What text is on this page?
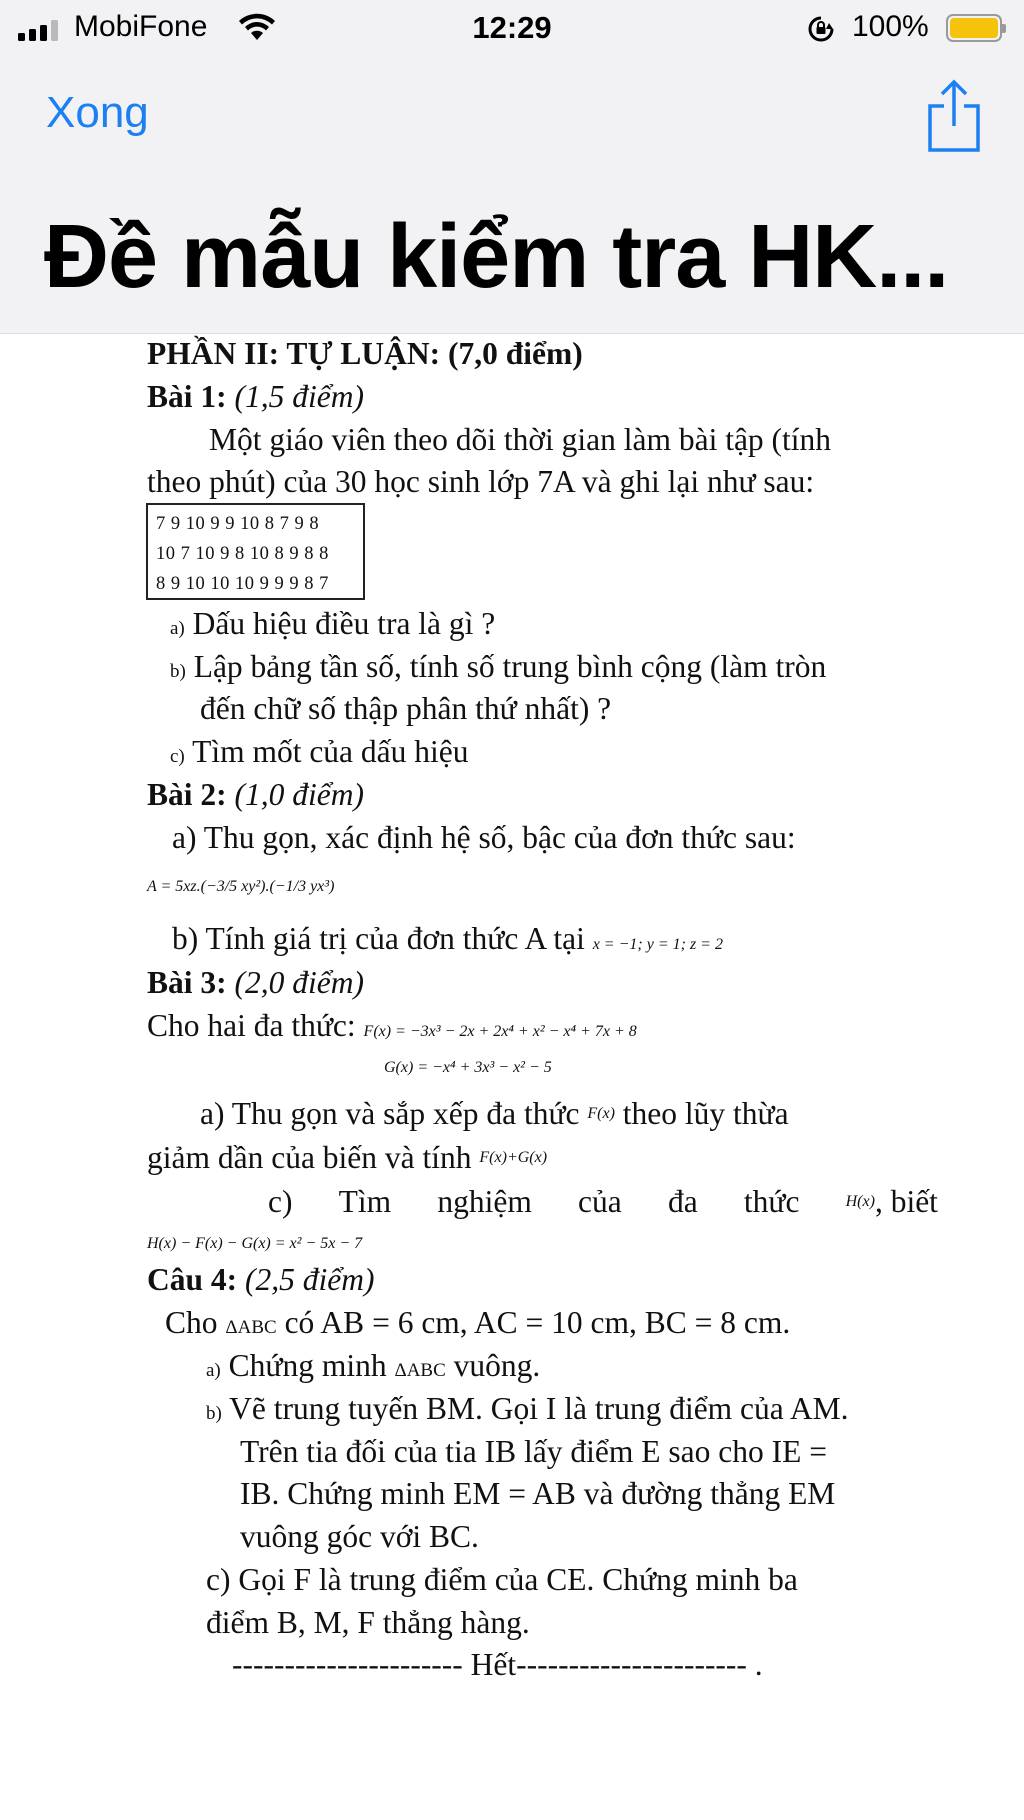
MobiFone	12:29	100%
Xong
Đề mẫu kiểm tra HK...
PHẦN II: TỰ LUẬN: (7,0 điểm)
Bài 1: (1,5 điểm)
Một giáo viên theo dõi thời gian làm bài tập (tính
theo phút) của 30 học sinh lớp 7A và ghi lại như sau:
7 9 10 9 9 10 8 7 9 8
10 7 10 9 8 10 8 9 8 8
8 9 10 10 10 9 9 9 8 7
a) Dấu hiệu điều tra là gì ?
b) Lập bảng tần số, tính số trung bình cộng (làm tròn
đến chữ số thập phân thứ nhất) ?
c) Tìm mốt của dấu hiệu
Bài 2: (1,0 điểm)
a) Thu gọn, xác định hệ số, bậc của đơn thức sau:
A = 5xz.(−3/5 xy²).(−1/3 yx³)
b) Tính giá trị của đơn thức A tại x = −1; y = 1; z = 2
Bài 3: (2,0 điểm)
Cho hai đa thức: F(x) = −3x³ − 2x + 2x⁴ + x² − x⁴ + 7x + 8
G(x) = −x⁴ + 3x³ − x² − 5
a) Thu gọn và sắp xếp đa thức F(x) theo lũy thừa
giảm dần của biến và tính F(x)+G(x)
c) Tìm nghiệm của đa thức	H(x), biết
H(x) − F(x) − G(x) = x² − 5x − 7
Câu 4: (2,5 điểm)
Cho ΔABC có AB = 6 cm, AC = 10 cm, BC = 8 cm.
a) Chứng minh ΔABC vuông.
b) Vẽ trung tuyến BM. Gọi I là trung điểm của AM.
Trên tia đối của tia IB lấy điểm E sao cho IE =
IB. Chứng minh EM = AB và đường thẳng EM
vuông góc với BC.
c) Gọi F là trung điểm của CE. Chứng minh ba
điểm B, M, F thẳng hàng.
---------------------- Hết---------------------- .
